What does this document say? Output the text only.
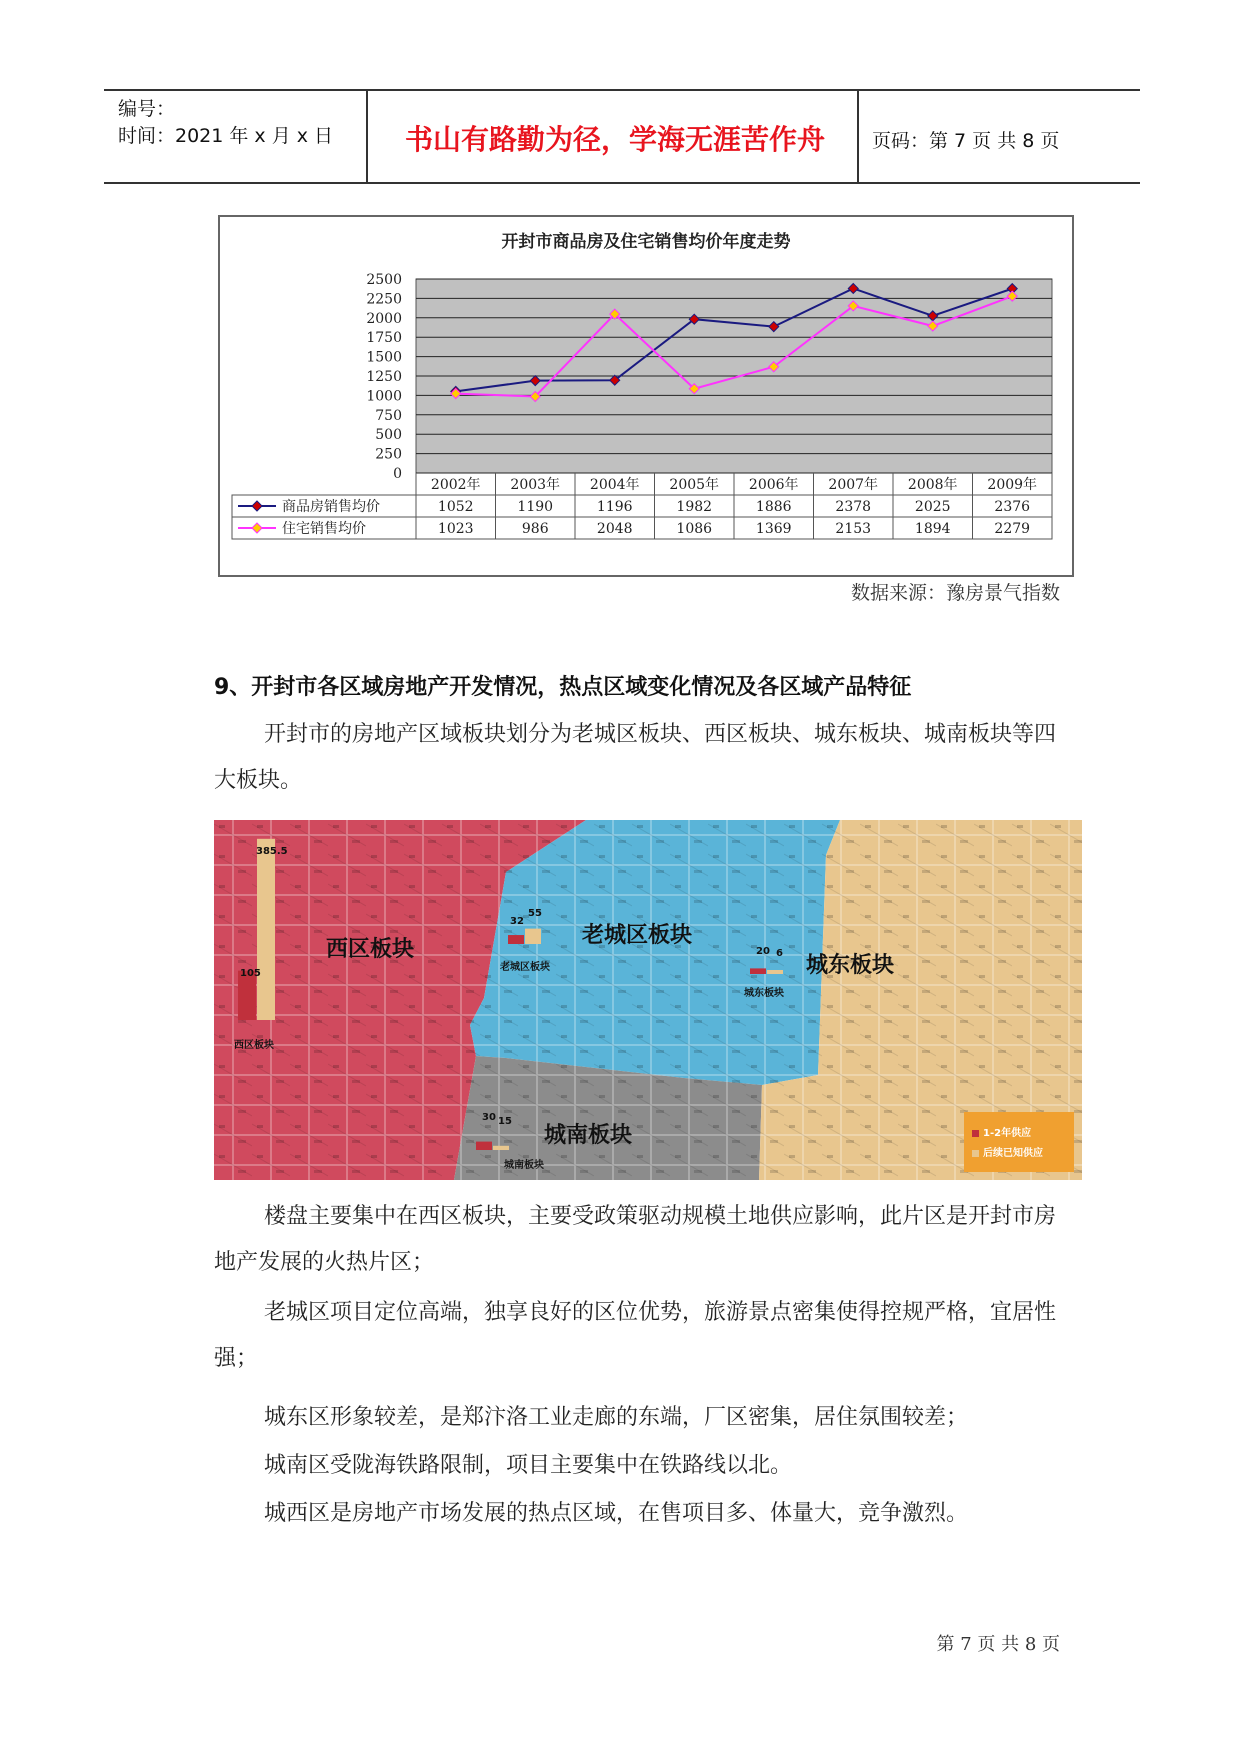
编号：
时间：2021 年 x 月 x 日	书山有路勤为径，学海无涯苦作舟	页码：第 7 页 共 8 页
开封市商品房及住宅销售均价年度走势
0
250
500
750
1000
1250
1500
1750
2000
2250
2500
2002年 2003年 2004年 2005年 2006年 2007年 2008年 2009年
商品房销售均价	1052	1190	1196	1982	1886	2378	2025	2376
住宅销售均价	1023	986	2048	1086	1369	2153	1894	2279
数据来源：豫房景气指数
9、开封市各区域房地产开发情况，热点区域变化情况及各区域产品特征
开封市的房地产区域板块划分为老城区板块、西区板块、城东板块、城南板块等四大板块。
西区板块
西区板块
105
385.5
老城区板块
老城区板块
32
55
城东板块
城东板块
20 6
城南板块
城南板块
30 15
1-2年供应
后续已知供应
楼盘主要集中在西区板块，主要受政策驱动规模土地供应影响，此片区是开封市房地产发展的火热片区；
老城区项目定位高端，独享良好的区位优势，旅游景点密集使得控规严格，宜居性强；
城东区形象较差，是郑汴洛工业走廊的东端，厂区密集，居住氛围较差；
城南区受陇海铁路限制，项目主要集中在铁路线以北。
城西区是房地产市场发展的热点区域，在售项目多、体量大，竞争激烈。
第 7 页 共 8 页
